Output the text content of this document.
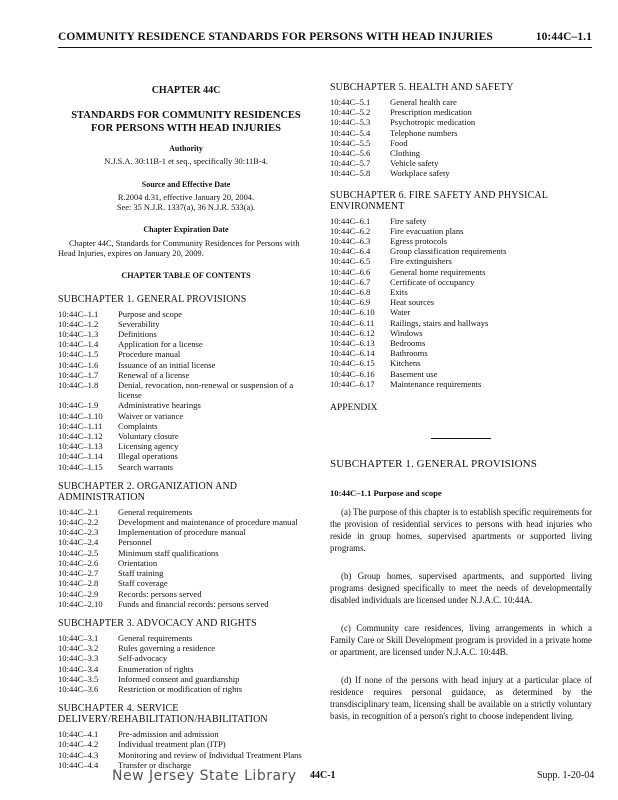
COMMUNITY RESIDENCE STANDARDS FOR PERSONS WITH HEAD INJURIES	10:44C–1.1
CHAPTER 44C
STANDARDS FOR COMMUNITY RESIDENCES
FOR PERSONS WITH HEAD INJURIES
Authority
N.J.S.A. 30:11B-1 et seq., specifically 30:11B-4.
Source and Effective Date
R.2004 d.31, effective January 20, 2004.
See: 35 N.J.R. 1337(a), 36 N.J.R. 533(a).
Chapter Expiration Date
Chapter 44C, Standards for Community Residences for Persons with Head Injuries, expires on January 20, 2009.
CHAPTER TABLE OF CONTENTS
SUBCHAPTER 1. GENERAL PROVISIONS
10:44C–1.1	Purpose and scope
10:44C–1.2	Severability
10:44C–1.3	Definitions
10:44C–1.4	Application for a license
10:44C–1.5	Procedure manual
10:44C–1.6	Issuance of an initial license
10:44C–1.7	Renewal of a license
10:44C–1.8	Denial, revocation, non-renewal or suspension of a license
10:44C–1.9	Administrative hearings
10:44C–1.10	Waiver or variance
10:44C–1.11	Complaints
10:44C–1.12	Voluntary closure
10:44C–1.13	Licensing agency
10:44C–1.14	Illegal operations
10:44C–1.15	Search warrants
SUBCHAPTER 2. ORGANIZATION AND ADMINISTRATION
10:44C–2.1	General requirements
10:44C–2.2	Development and maintenance of procedure manual
10:44C–2.3	Implementation of procedure manual
10:44C–2.4	Personnel
10:44C–2.5	Minimum staff qualifications
10:44C–2.6	Orientation
10:44C–2.7	Staff training
10:44C–2.8	Staff coverage
10:44C–2.9	Records: persons served
10:44C–2.10	Funds and financial records: persons served
SUBCHAPTER 3. ADVOCACY AND RIGHTS
10:44C–3.1	General requirements
10:44C–3.2	Rules governing a residence
10:44C–3.3	Self-advocacy
10:44C–3.4	Enumeration of rights
10:44C–3.5	Informed consent and guardianship
10:44C–3.6	Restriction or modification of rights
SUBCHAPTER 4. SERVICE DELIVERY/REHABILITATION/HABILITATION
10:44C–4.1	Pre-admission and admission
10:44C–4.2	Individual treatment plan (ITP)
10:44C–4.3	Monitoring and review of Individual Treatment Plans
10:44C–4.4	Transfer or discharge
SUBCHAPTER 5. HEALTH AND SAFETY
10:44C–5.1	General health care
10:44C–5.2	Prescription medication
10:44C–5.3	Psychotropic medication
10:44C–5.4	Telephone numbers
10:44C–5.5	Food
10:44C–5.6	Clothing
10:44C–5.7	Vehicle safety
10:44C–5.8	Workplace safety
SUBCHAPTER 6. FIRE SAFETY AND PHYSICAL ENVIRONMENT
10:44C–6.1	Fire safety
10:44C–6.2	Fire evacuation plans
10:44C–6.3	Egress protocols
10:44C–6.4	Group classification requirements
10:44C–6.5	Fire extinguishers
10:44C–6.6	General home requirements
10:44C–6.7	Certificate of occupancy
10:44C–6.8	Exits
10:44C–6.9	Heat sources
10:44C–6.10	Water
10:44C–6.11	Railings, stairs and hallways
10:44C–6.12	Windows
10:44C–6.13	Bedrooms
10:44C–6.14	Bathrooms
10:44C–6.15	Kitchens
10:44C–6.16	Basement use
10:44C–6.17	Maintenance requirements
APPENDIX
SUBCHAPTER 1. GENERAL PROVISIONS
10:44C–1.1 Purpose and scope
(a) The purpose of this chapter is to establish specific requirements for the provision of residential services to persons with head injuries who reside in group homes, supervised apartments or supported living programs.
(b) Group homes, supervised apartments, and supported living programs designed specifically to meet the needs of developmentally disabled individuals are licensed under N.J.A.C. 10:44A.
(c) Community care residences, living arrangements in which a Family Care or Skill Development program is provided in a private home or apartment, are licensed under N.J.A.C. 10:44B.
(d) If none of the persons with head injury at a particular place of residence requires personal guidance, as determined by the transdisciplinary team, licensing shall be available on a strictly voluntary basis, in recognition of a person's right to choose independent living.
New Jersey State Library 44C-1	Supp. 1-20-04
